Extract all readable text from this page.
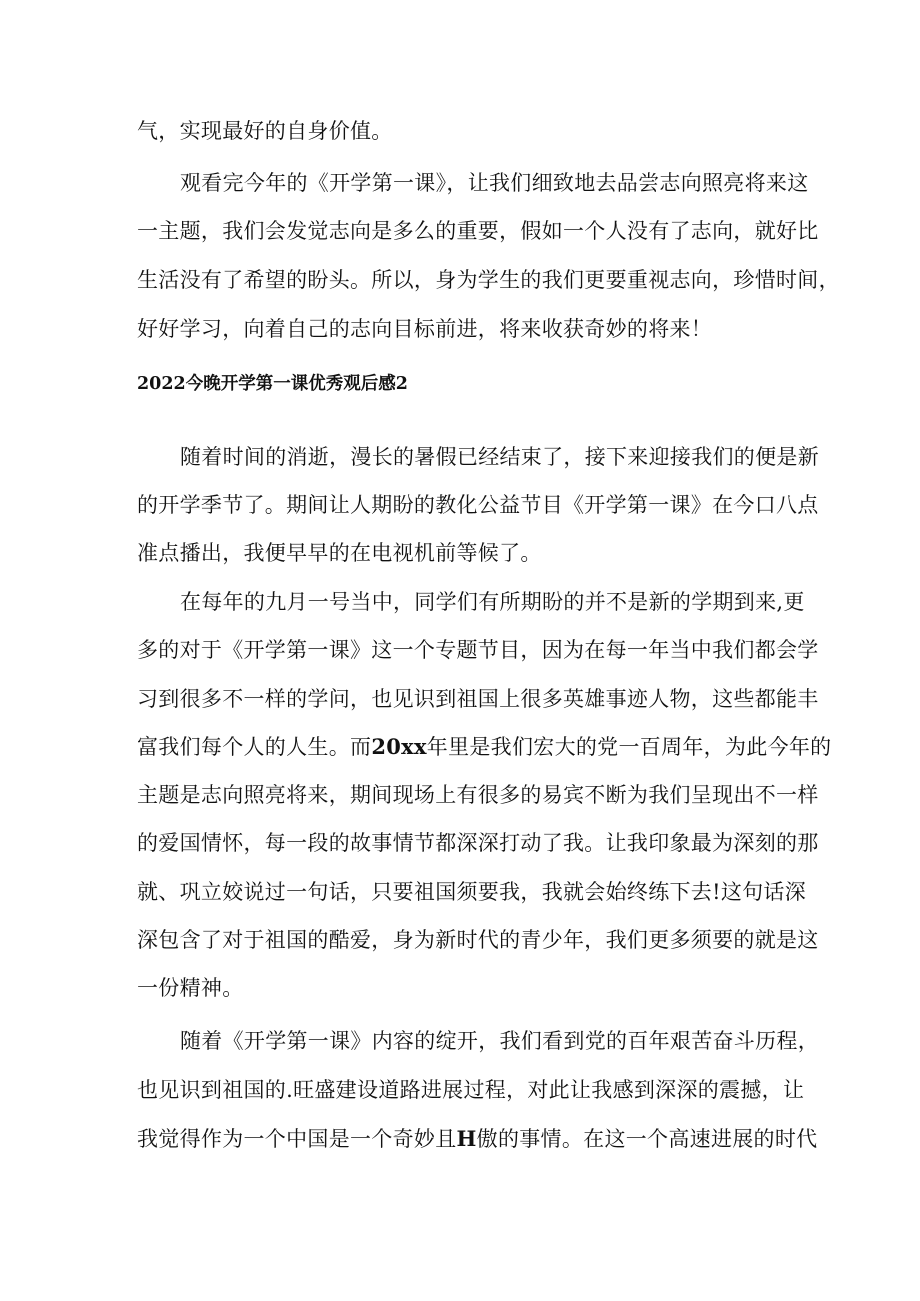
气，实现最好的自身价值。
观看完今年的《开学第一课》，让我们细致地去品尝志向照亮将来这
一主题，我们会发觉志向是多么的重要，假如一个人没有了志向，就好比
生活没有了希望的盼头。所以，身为学生的我们更要重视志向，珍惜时间，
好好学习，向着自己的志向目标前进，将来收获奇妙的将来！
2022今晚开学第一课优秀观后感2
随着时间的消逝，漫长的暑假已经结束了，接下来迎接我们的便是新
的开学季节了。期间让人期盼的教化公益节目《开学第一课》在今口八点
准点播出，我便早早的在电视机前等候了。
在每年的九月一号当中，同学们有所期盼的并不是新的学期到来,更
多的对于《开学第一课》这一个专题节目，因为在每一年当中我们都会学
习到很多不一样的学问，也见识到祖国上很多英雄事迹人物，这些都能丰
富我们每个人的人生。而20xx年里是我们宏大的党一百周年，为此今年的
主题是志向照亮将来，期间现场上有很多的易宾不断为我们呈现出不一样
的爱国情怀，每一段的故事情节都深深打动了我。让我印象最为深刻的那
就、巩立姣说过一句话，只要祖国须要我，我就会始终练下去!这句话深
深包含了对于祖国的酷爱，身为新时代的青少年，我们更多须要的就是这
一份精神。
随着《开学第一课》内容的绽开，我们看到党的百年艰苦奋斗历程，
也见识到祖国的.旺盛建设道路进展过程，对此让我感到深深的震撼，让
我觉得作为一个中国是一个奇妙且H傲的事情。在这一个高速进展的时代
